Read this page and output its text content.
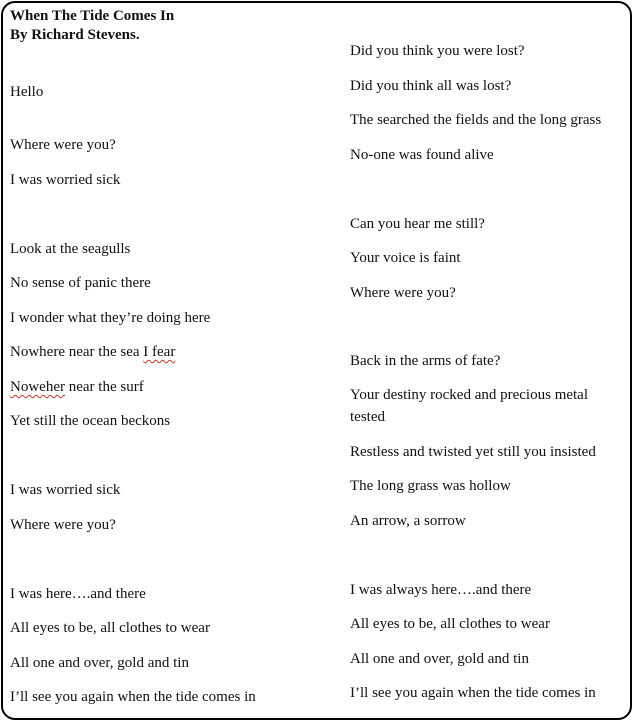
When The Tide Comes In
By Richard Stevens.
Hello
Where were you?
I was worried sick
Look at the seagulls
No sense of panic there
I wonder what they’re doing here
Nowhere near the sea I fear
Noweher near the surf
Yet still the ocean beckons
I was worried sick
Where were you?
I was here….and there
All eyes to be, all clothes to wear
All one and over, gold and tin
I’ll see you again when the tide comes in
Did you think you were lost?
Did you think all was lost?
The searched the fields and the long grass
No-one was found alive
Can you hear me still?
Your voice is faint
Where were you?
Back in the arms of fate?
Your destiny rocked and precious metal tested
Restless and twisted yet still you insisted
The long grass was hollow
An arrow, a sorrow
I was always here….and there
All eyes to be, all clothes to wear
All one and over, gold and tin
I’ll see you again when the tide comes in
